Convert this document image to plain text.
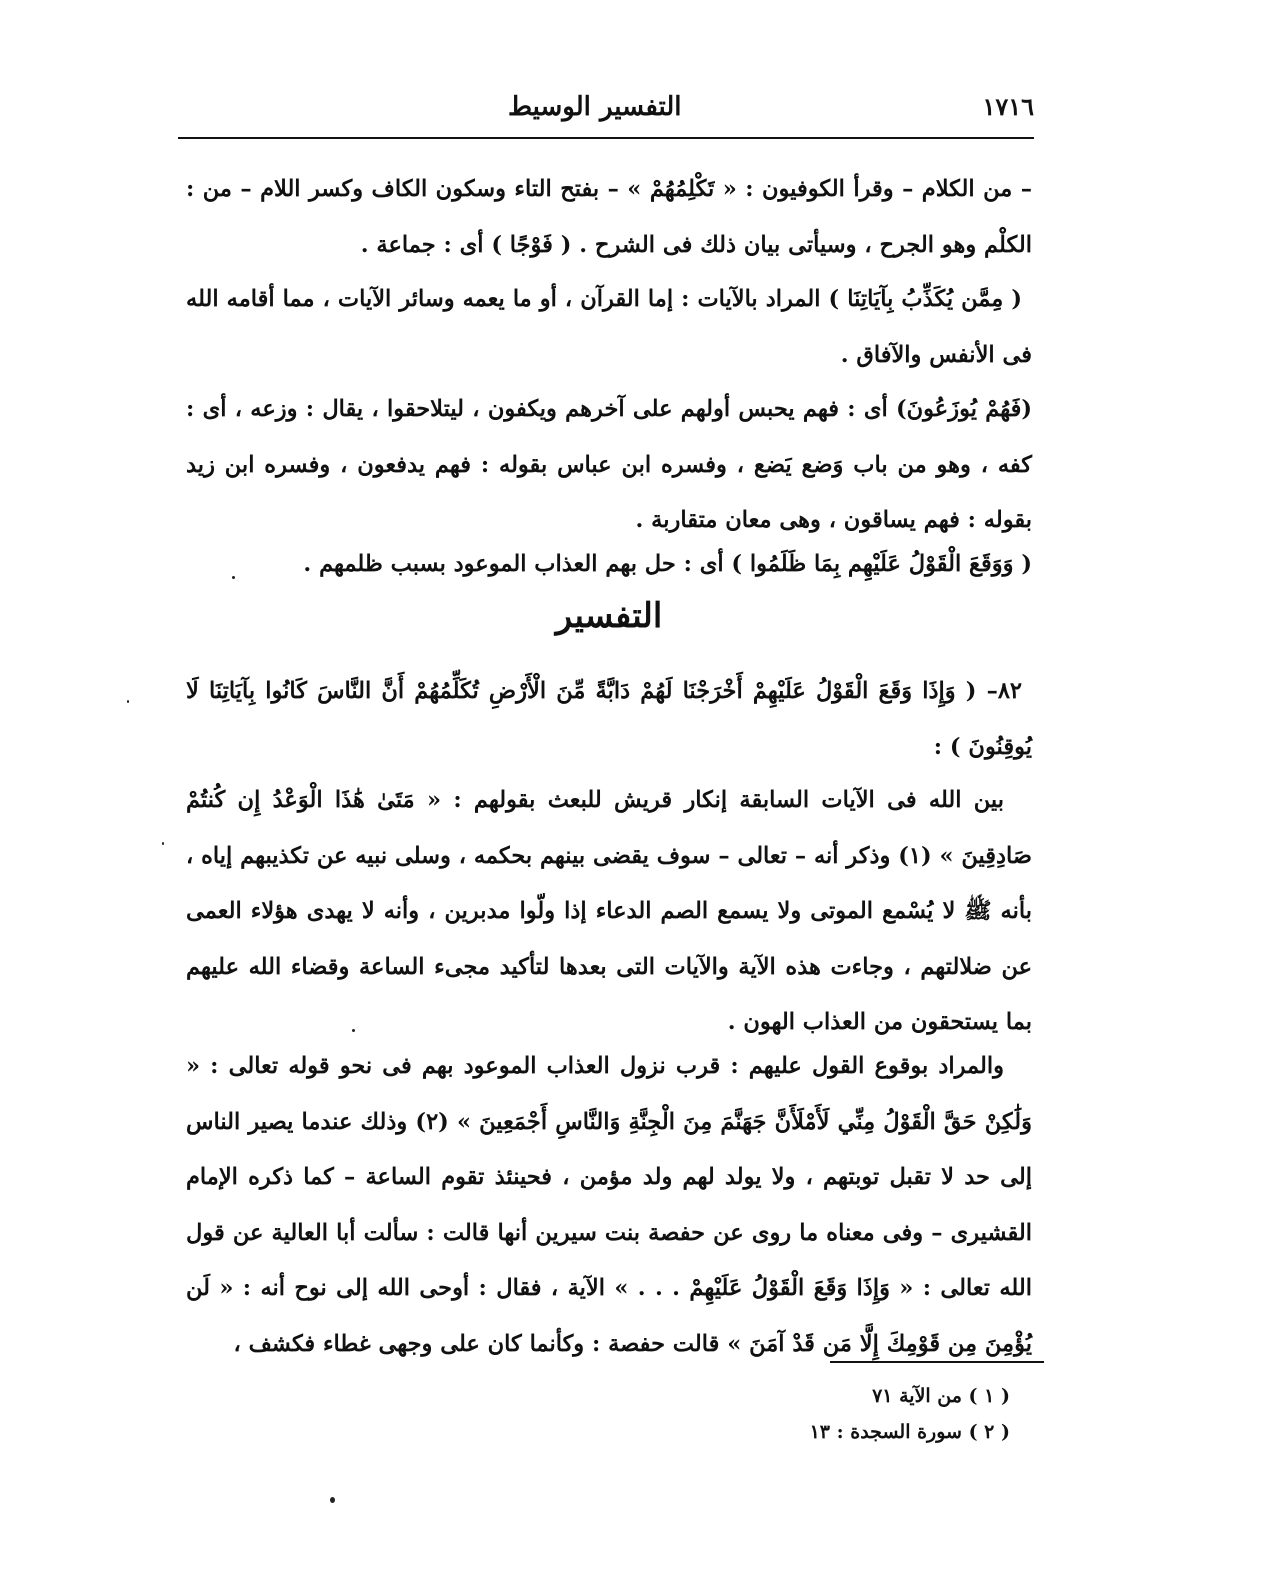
١٧١٦
التفسير الوسيط
– من الكلام – وقرأ الكوفيون : « تَكْلِمُهُمْ » – بفتح التاء وسكون الكاف وكسر اللام – من : الكلْم وهو الجرح ، وسيأتى بيان ذلك فى الشرح . ( فَوْجًا ) أى : جماعة .
( مِمَّن يُكَذِّبُ بِآيَاتِنَا ) المراد بالآيات : إما القرآن ، أو ما يعمه وسائر الآيات ، مما أقامه الله فى الأنفس والآفاق .
(فَهُمْ يُوزَعُونَ) أى : فهم يحبس أولهم على آخرهم ويكفون ، ليتلاحقوا ، يقال : وزعه ، أى : كفه ، وهو من باب وَضع يَضع ، وفسره ابن عباس بقوله : فهم يدفعون ، وفسره ابن زيد بقوله : فهم يساقون ، وهى معان متقاربة .
( وَوَقَعَ الْقَوْلُ عَلَيْهِم بِمَا ظَلَمُوا ) أى : حل بهم العذاب الموعود بسبب ظلمهم .
التفسير
٨٢– ( وَإِذَا وَقَعَ الْقَوْلُ عَلَيْهِمْ أَخْرَجْنَا لَهُمْ دَابَّةً مِّنَ الْأَرْضِ تُكَلِّمُهُمْ أَنَّ النَّاسَ كَانُوا بِآيَاتِنَا لَا يُوقِنُونَ ) :
بين الله فى الآيات السابقة إنكار قريش للبعث بقولهم : « مَتَىٰ هَٰذَا الْوَعْدُ إِن كُنتُمْ صَادِقِينَ » (١) وذكر أنه – تعالى – سوف يقضى بينهم بحكمه ، وسلى نبيه عن تكذيبهم إياه ، بأنه ﷺ لا يُسْمع الموتى ولا يسمع الصم الدعاء إذا ولّوا مدبرين ، وأنه لا يهدى هؤلاء العمى عن ضلالتهم ، وجاءت هذه الآية والآيات التى بعدها لتأكيد مجىء الساعة وقضاء الله عليهم بما يستحقون من العذاب الهون .
والمراد بوقوع القول عليهم : قرب نزول العذاب الموعود بهم فى نحو قوله تعالى : « وَلَٰكِنْ حَقَّ الْقَوْلُ مِنِّي لَأَمْلَأَنَّ جَهَنَّمَ مِنَ الْجِنَّةِ وَالنَّاسِ أَجْمَعِينَ » (٢) وذلك عندما يصير الناس إلى حد لا تقبل توبتهم ، ولا يولد لهم ولد مؤمن ، فحينئذ تقوم الساعة – كما ذكره الإمام القشيرى – وفى معناه ما روى عن حفصة بنت سيرين أنها قالت : سألت أبا العالية عن قول الله تعالى : « وَإِذَا وَقَعَ الْقَوْلُ عَلَيْهِمْ . . . » الآية ، فقال : أوحى الله إلى نوح أنه : « لَن يُؤْمِنَ مِن قَوْمِكَ إِلَّا مَن قَدْ آمَنَ » قالت حفصة : وكأنما كان على وجهى غطاء فكشف ،
( ١ ) من الآية ٧١
( ٢ ) سورة السجدة : ١٣
